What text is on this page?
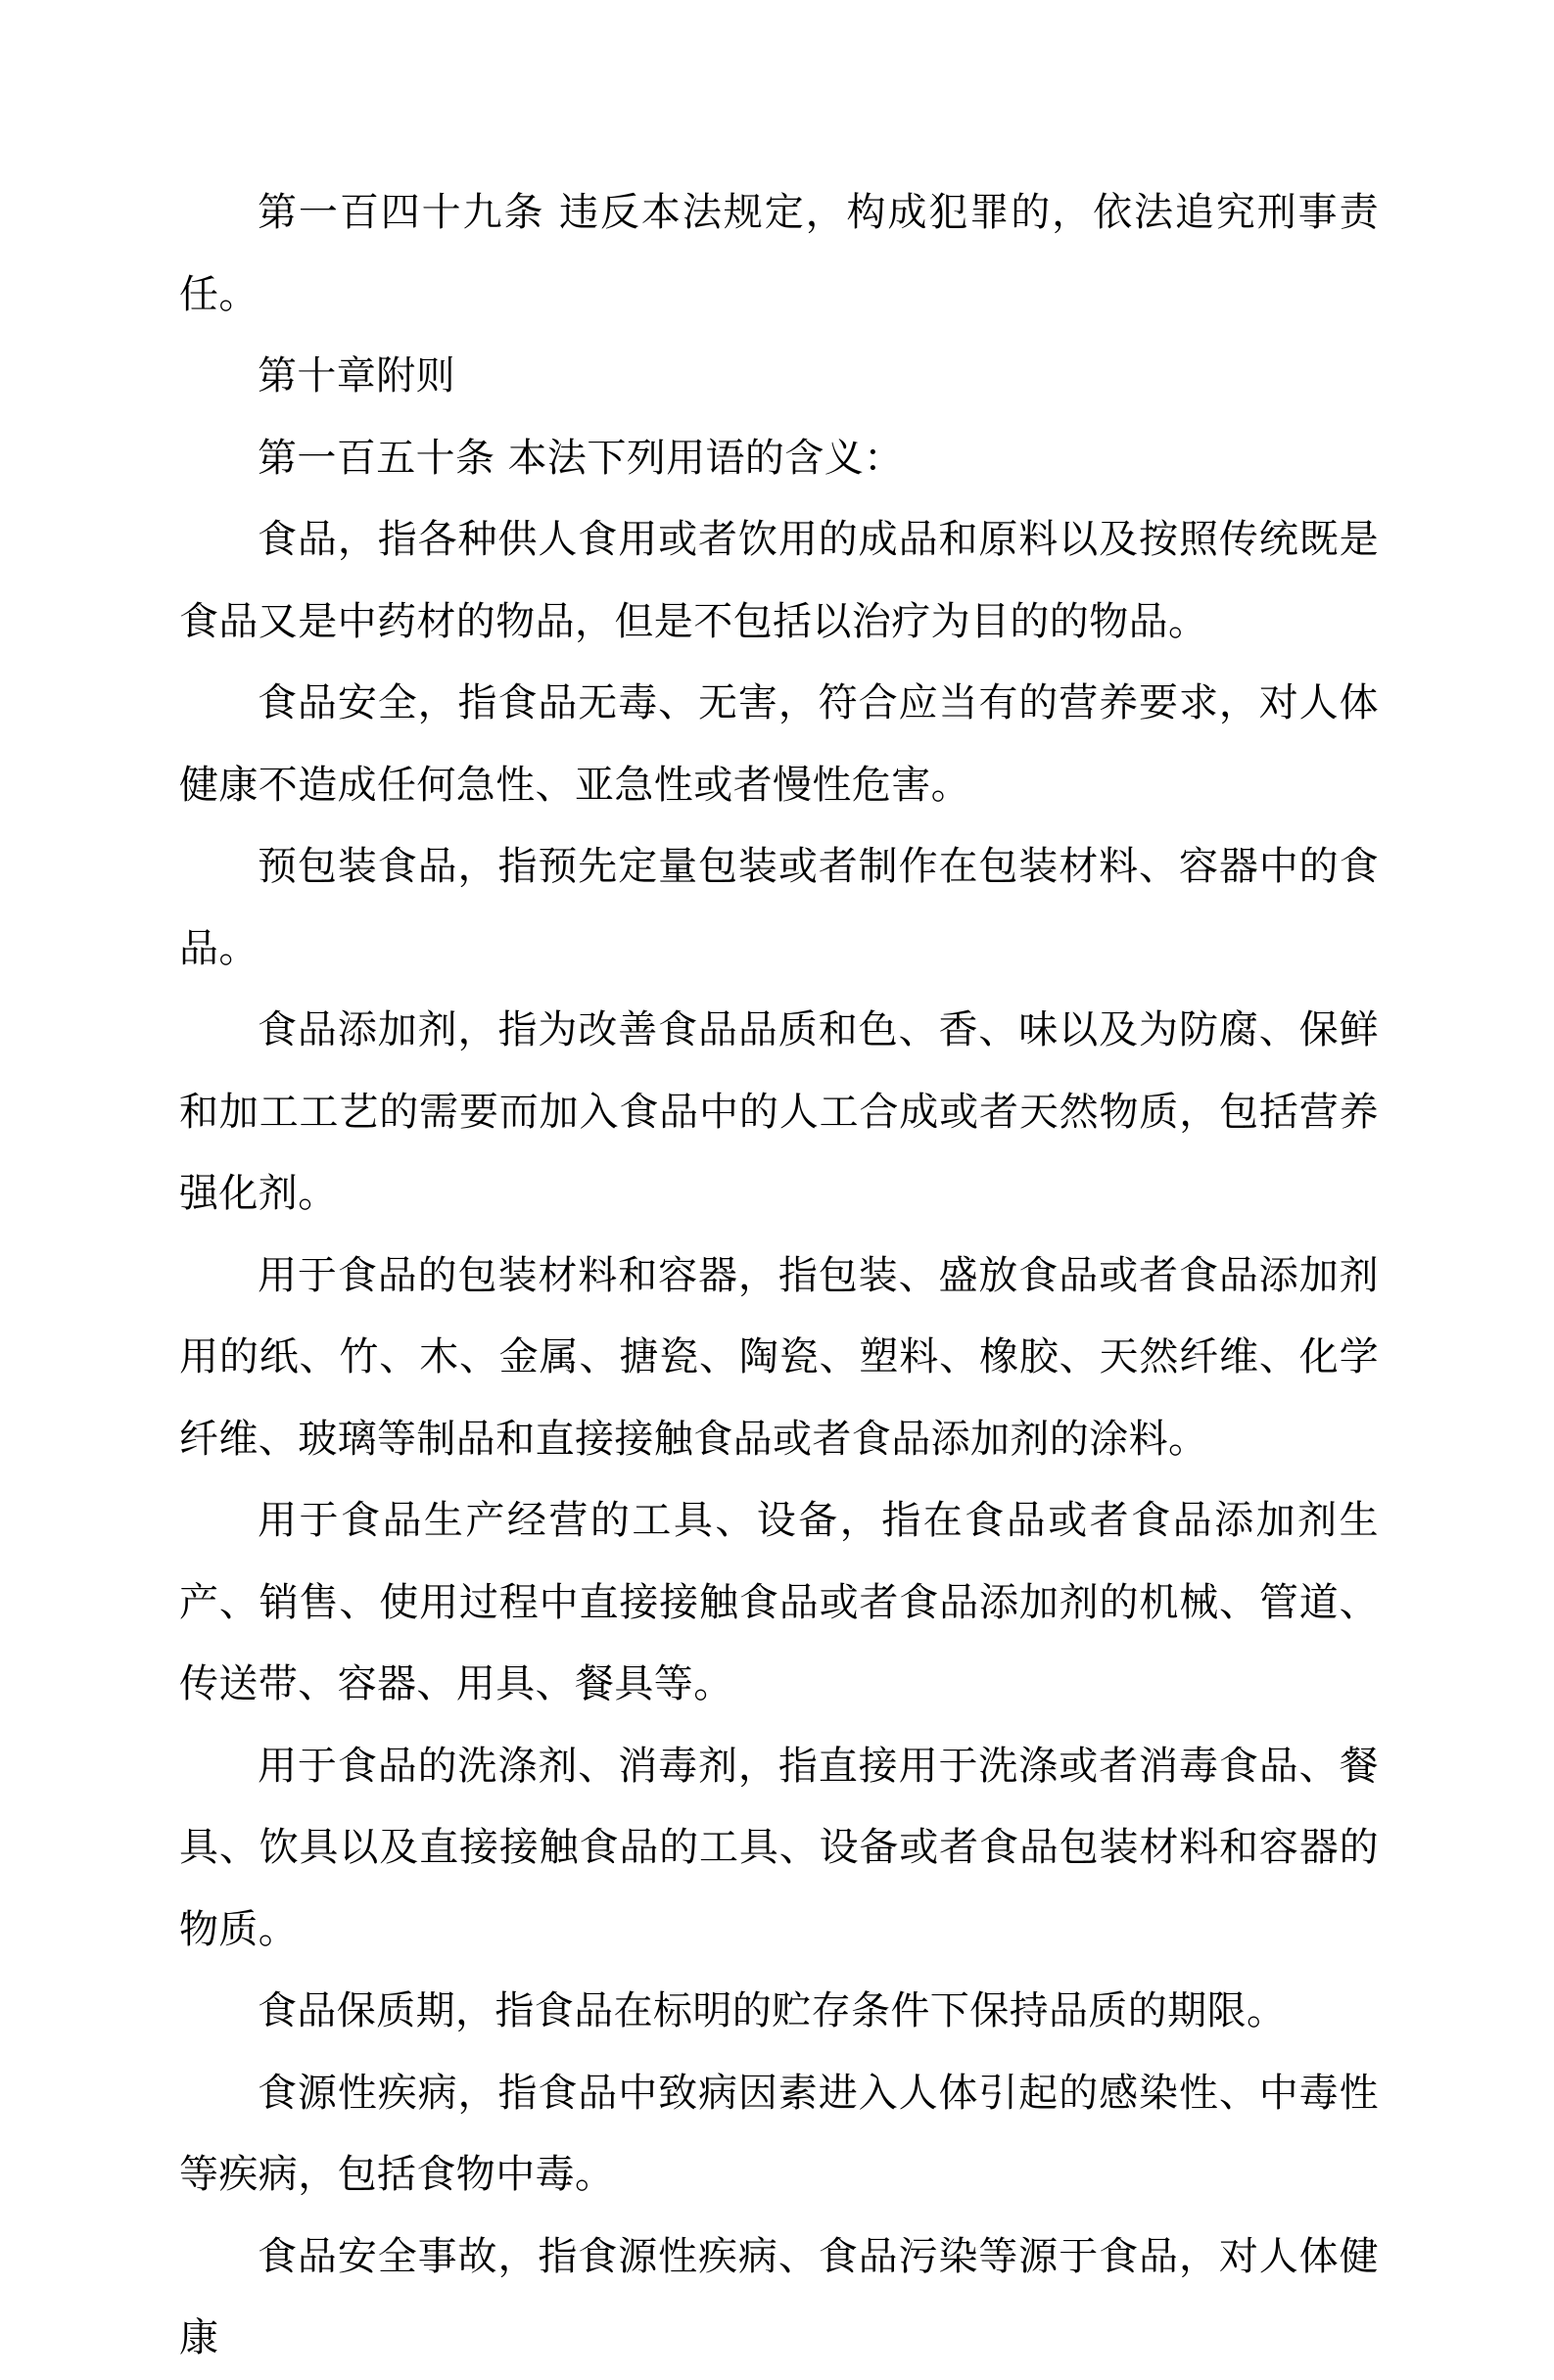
第一百四十九条 违反本法规定，构成犯罪的，依法追究刑事责任。

第十章附则

第一百五十条 本法下列用语的含义：

食品，指各种供人食用或者饮用的成品和原料以及按照传统既是食品又是中药材的物品，但是不包括以治疗为目的的物品。

食品安全，指食品无毒、无害，符合应当有的营养要求，对人体健康不造成任何急性、亚急性或者慢性危害。

预包装食品，指预先定量包装或者制作在包装材料、容器中的食品。

食品添加剂，指为改善食品品质和色、香、味以及为防腐、保鲜和加工工艺的需要而加入食品中的人工合成或者天然物质，包括营养强化剂。

用于食品的包装材料和容器，指包装、盛放食品或者食品添加剂用的纸、竹、木、金属、搪瓷、陶瓷、塑料、橡胶、天然纤维、化学纤维、玻璃等制品和直接接触食品或者食品添加剂的涂料。

用于食品生产经营的工具、设备，指在食品或者食品添加剂生产、销售、使用过程中直接接触食品或者食品添加剂的机械、管道、传送带、容器、用具、餐具等。

用于食品的洗涤剂、消毒剂，指直接用于洗涤或者消毒食品、餐具、饮具以及直接接触食品的工具、设备或者食品包装材料和容器的物质。

食品保质期，指食品在标明的贮存条件下保持品质的期限。

食源性疾病，指食品中致病因素进入人体引起的感染性、中毒性等疾病，包括食物中毒。

食品安全事故，指食源性疾病、食品污染等源于食品，对人体健康
